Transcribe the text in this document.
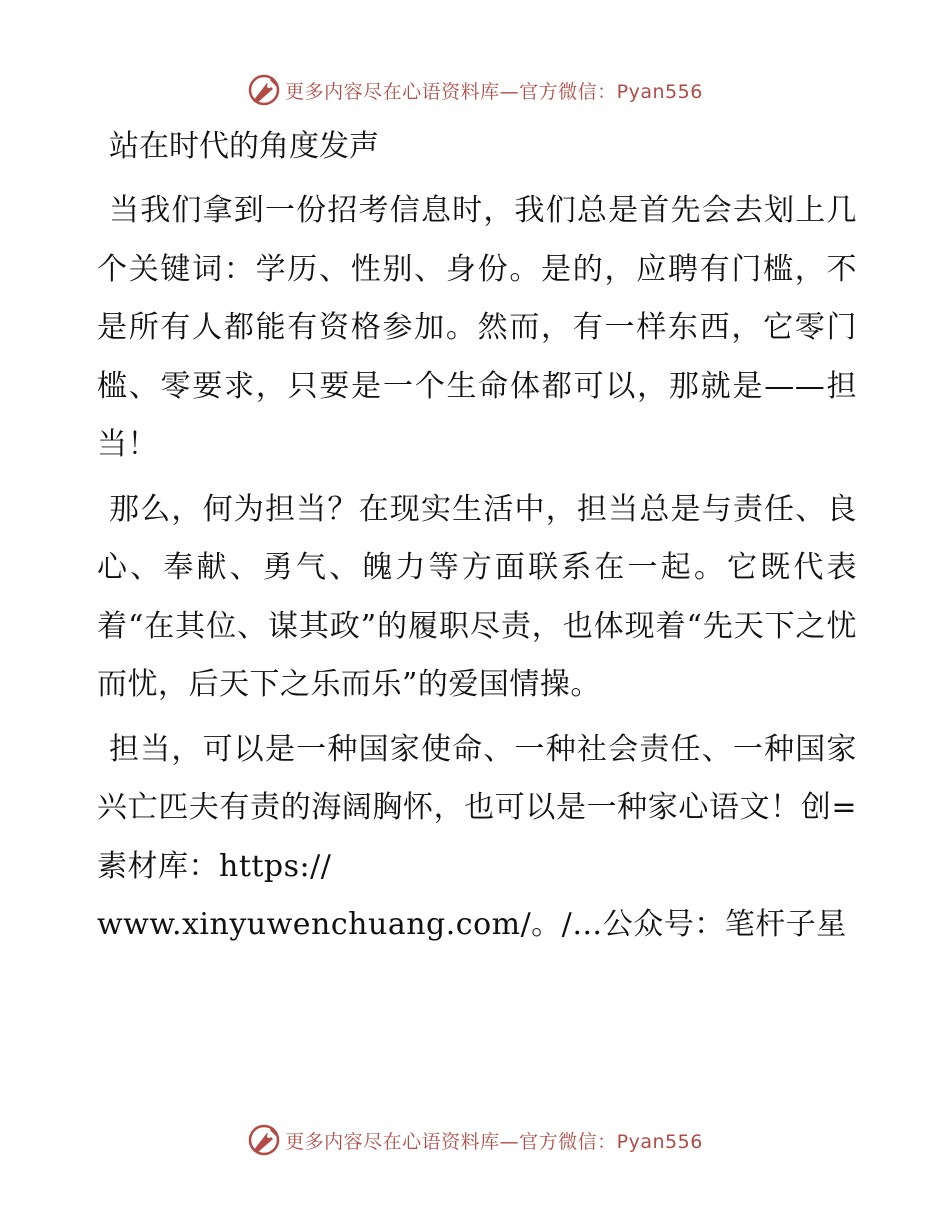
更多内容尽在心语资料库—官方微信：Pyan556
站在时代的角度发声

当我们拿到一份招考信息时，我们总是首先会去划上几个关键词：学历、性别、身份。是的，应聘有门槛，不是所有人都能有资格参加。然而，有一样东西，它零门槛、零要求，只要是一个生命体都可以，那就是——担当！

那么，何为担当？在现实生活中，担当总是与责任、良心、奉献、勇气、魄力等方面联系在一起。它既代表着“在其位、谋其政”的履职尽责，也体现着“先天下之忧而忧，后天下之乐而乐”的爱国情操。

担当，可以是一种国家使命、一种社会责任、一种国家兴亡匹夫有责的海阔胸怀，也可以是一种家心语文！创=素材库：https://
www.xinyuwenchuang.com/。/…公众号：笔杆子星

更多内容尽在心语资料库—官方微信：Pyan556
